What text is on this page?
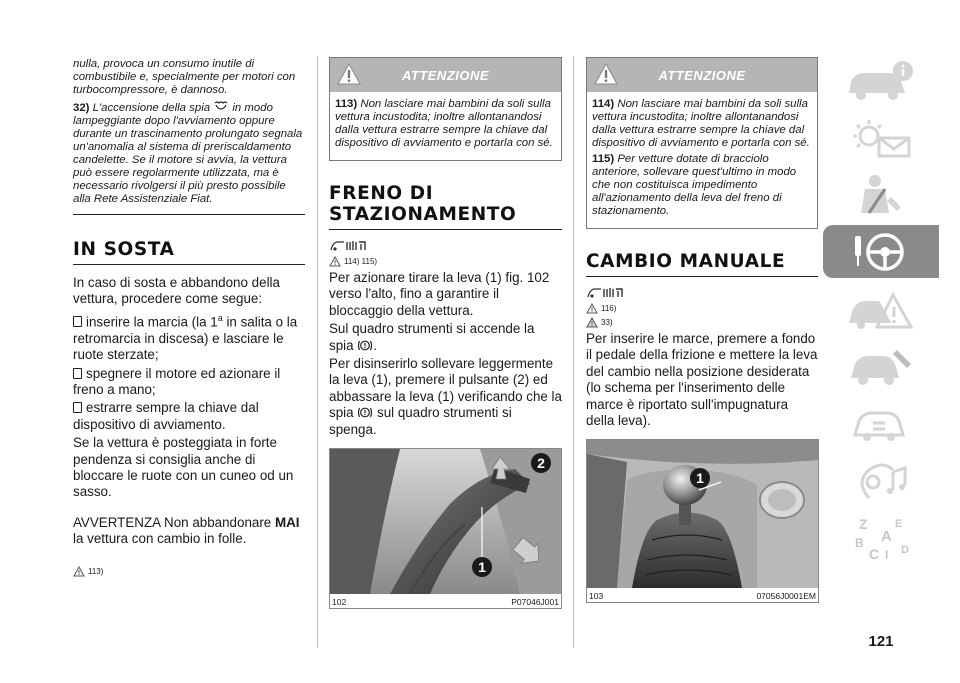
nulla, provoca un consumo inutile di combustibile e, specialmente per motori con turbocompressore, è dannoso.

32) L'accensione della spia  in modo lampeggiante dopo l'avviamento oppure durante un trascinamento prolungato segnala un'anomalia al sistema di preriscaldamento candelette. Se il motore si avvia, la vettura può essere regolarmente utilizzata, ma è necessario rivolgersi il più presto possibile alla Rete Assistenziale Fiat.

IN SOSTA

In caso di sosta e abbandono della vettura, procedere come segue:

inserire la marcia (la 1$^a$ in salita o la retromarcia in discesa) e lasciare le ruote sterzate;

spegnere il motore ed azionare il freno a mano;

estrarre sempre la chiave dal dispositivo di avviamento.

Se la vettura è posteggiata in forte pendenza si consiglia anche di bloccare le ruote con un cuneo od un sasso.

AVVERTENZA Non abbandonare MAI la vettura con cambio in folle.

113)
ATTENZIONE

113) Non lasciare mai bambini da soli sulla vettura incustodita; inoltre allontanandosi dalla vettura estrarre sempre la chiave dal dispositivo di avviamento e portarla con sé.

FRENO DI
STAZIONAMENTO
114) 115)

Per azionare tirare la leva (1) fig. 102 verso l'alto, fino a garantire il bloccaggio della vettura.

Sul quadro strumenti si accende la spia .

Per disinserirlo sollevare leggermente la leva (1), premere il pulsante (2) ed abbassare la leva (1) verificando che la spia  sul quadro strumenti si spenga.

1
2
102	P07046J001
ATTENZIONE

114) Non lasciare mai bambini da soli sulla vettura incustodita; inoltre allontanandosi dalla vettura estrarre sempre la chiave dal dispositivo di avviamento e portarla con sé.

115) Per vetture dotate di bracciolo anteriore, sollevare quest'ultimo in modo che non costituisca impedimento all'azionamento della leva del freno di stazionamento.

CAMBIO MANUALE
116)
33)

Per inserire le marce, premere a fondo il pedale della frizione e mettere la leva del cambio nella posizione desiderata (lo schema per l'inserimento delle marce è riportato sull'impugnatura della leva).

1
103	07056J0001EM
Z E
A
B
C D
I
121
